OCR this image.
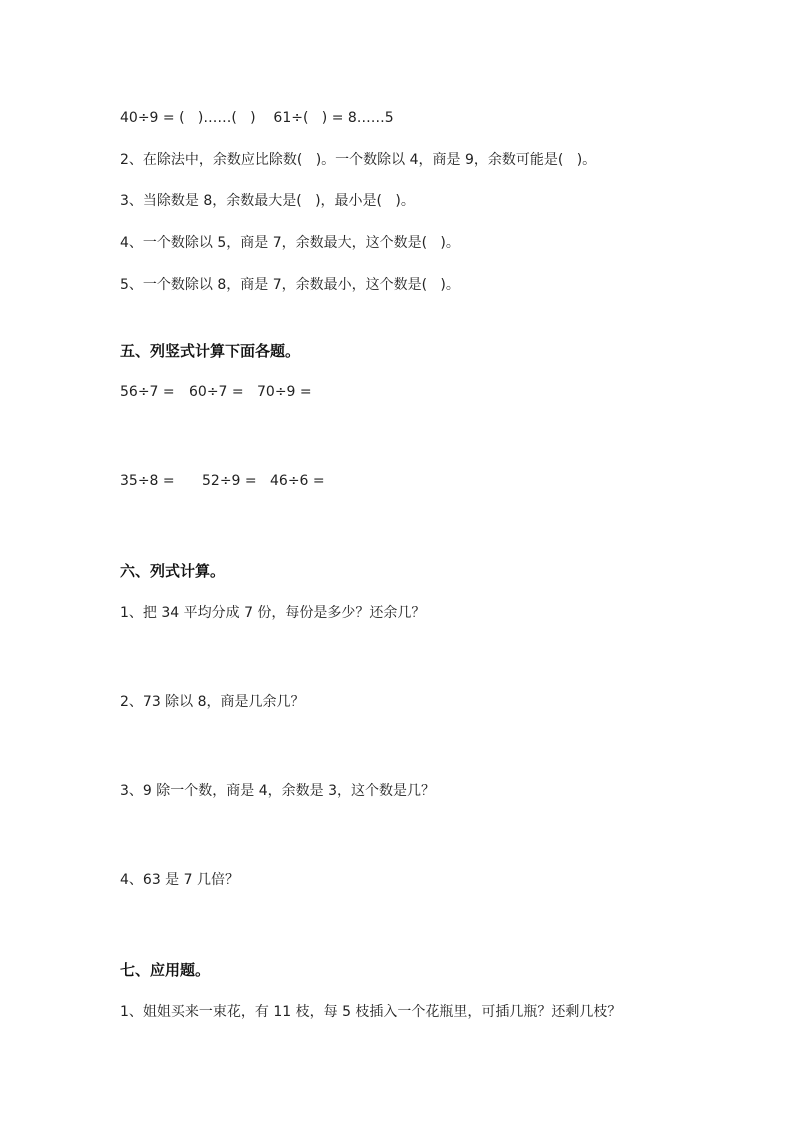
40÷9 = (   )……(   )    61÷(   ) = 8……5
2、在除法中，余数应比除数(   )。一个数除以 4，商是 9，余数可能是(   )。
3、当除数是 8，余数最大是(   )，最小是(   )。
4、一个数除以 5，商是 7，余数最大，这个数是(   )。
5、一个数除以 8，商是 7，余数最小，这个数是(   )。
五、列竖式计算下面各题。
56÷7 = 60÷7 = 70÷9 =
35÷8 = 52÷9 = 46÷6 =
六、列式计算。
1、把 34 平均分成 7 份，每份是多少？还余几？
2、73 除以 8，商是几余几？
3、9 除一个数，商是 4，余数是 3，这个数是几？
4、63 是 7 几倍？
七、应用题。
1、姐姐买来一束花，有 11 枝，每 5 枝插入一个花瓶里，可插几瓶？还剩几枝？
